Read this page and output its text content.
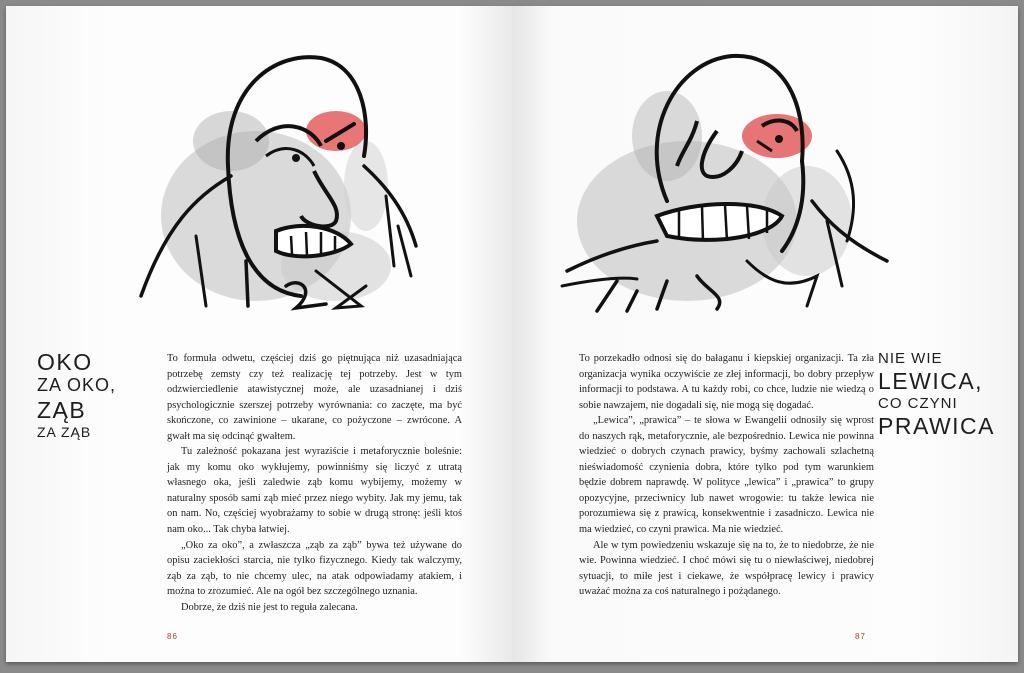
OKO
ZA OKO,
ZĄB
ZA ZĄB

To formuła odwetu, częściej dziś go piętnująca niż uzasadniająca potrzebę zemsty czy też realizację tej potrzeby. Jest w tym odzwierciedlenie atawistycznej może, ale uzasadnianej i dziś psychologicznie szerszej potrzeby wyrównania: co zaczęte, ma być skończone, co zawinione – ukarane, co pożyczone – zwrócone. A gwałt ma się odcinąć gwałtem.

Tu zależność pokazana jest wyraziście i metaforycznie boleśnie: jak my komu oko wykłujemy, powinniśmy się liczyć z utratą własnego oka, jeśli zaledwie ząb komu wybijemy, możemy w naturalny sposób sami ząb mieć przez niego wybity. Jak my jemu, tak on nam. No, częściej wyobrażamy to sobie w drugą stronę: jeśli ktoś nam oko... Tak chyba łatwiej.

„Oko za oko”, a zwłaszcza „ząb za ząb” bywa też używane do opisu zaciekłości starcia, nie tylko fizycznego. Kiedy tak walczymy, ząb za ząb, to nie chcemy ulec, na atak odpowiadamy atakiem, i można to zrozumieć. Ale na ogół bez szczególnego uznania.

Dobrze, że dziś nie jest to reguła zalecana.

86

To porzekadło odnosi się do bałaganu i kiepskiej organizacji. Ta zła organizacja wynika oczywiście ze złej informacji, bo dobry przepływ informacji to podstawa. A tu każdy robi, co chce, ludzie nie wiedzą o sobie nawzajem, nie dogadali się, nie mogą się dogadać.

„Lewica”, „prawica” – te słowa w Ewangelii odnosiły się wprost do naszych rąk, metaforycznie, ale bezpośrednio. Lewica nie powinna wiedzieć o dobrych czynach prawicy, byśmy zachowali szlachetną nieświadomość czynienia dobra, które tylko pod tym warunkiem będzie dobrem naprawdę. W polityce „lewica” i „prawica” to grupy opozycyjne, przeciwnicy lub nawet wrogowie: tu także lewica nie porozumiewa się z prawicą, konsekwentnie i zasadniczo. Lewica nie ma wiedzieć, co czyni prawica. Ma nie wiedzieć.

Ale w tym powiedzeniu wskazuje się na to, że to niedobrze, że nie wie. Powinna wiedzieć. I choć mówi się tu o niewłaściwej, niedobrej sytuacji, to miłe jest i ciekawe, że współpracę lewicy i prawicy uważać można za coś naturalnego i pożądanego.

NIE WIE
LEWICA,
CO CZYNI
PRAWICA
87
